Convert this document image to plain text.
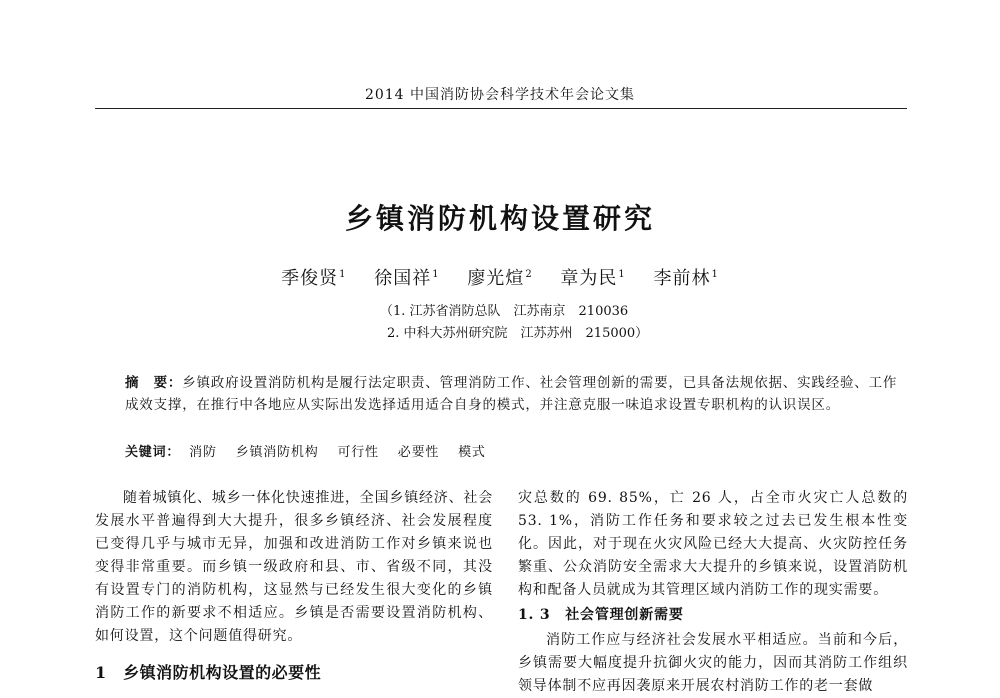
2014 中国消防协会科学技术年会论文集
乡镇消防机构设置研究
季俊贤$^1$ 徐国祥$^1$ 廖光煊$^2$ 章为民$^1$ 李前林$^1$
（1. 江苏省消防总队　江苏南京　210036
2. 中科大苏州研究院　江苏苏州　215000）
摘　要：乡镇政府设置消防机构是履行法定职责、管理消防工作、社会管理创新的需要，已具备法规依据、实践经验、工作成效支撑，在推行中各地应从实际出发选择适用适合自身的模式，并注意克服一味追求设置专职机构的认识误区。
关键词： 消防 乡镇消防机构 可行性 必要性 模式

随着城镇化、城乡一体化快速推进，全国乡镇经济、社会发展水平普遍得到大大提升，很多乡镇经济、社会发展程度已变得几乎与城市无异，加强和改进消防工作对乡镇来说也变得非常重要。而乡镇一级政府和县、市、省级不同，其没有设置专门的消防机构，这显然与已经发生很大变化的乡镇消防工作的新要求不相适应。乡镇是否需要设置消防机构、如何设置，这个问题值得研究。

1　乡镇消防机构设置的必要性

灾总数的 69. 85%，亡 26 人，占全市火灾亡人总数的 53. 1%，消防工作任务和要求较之过去已发生根本性变化。因此，对于现在火灾风险已经大大提高、火灾防控任务繁重、公众消防安全需求大大提升的乡镇来说，设置消防机构和配备人员就成为其管理区域内消防工作的现实需要。

1. 3　社会管理创新需要

消防工作应与经济社会发展水平相适应。当前和今后，乡镇需要大幅度提升抗御火灾的能力，因而其消防工作组织领导体制不应再因袭原来开展农村消防工作的老一套做
